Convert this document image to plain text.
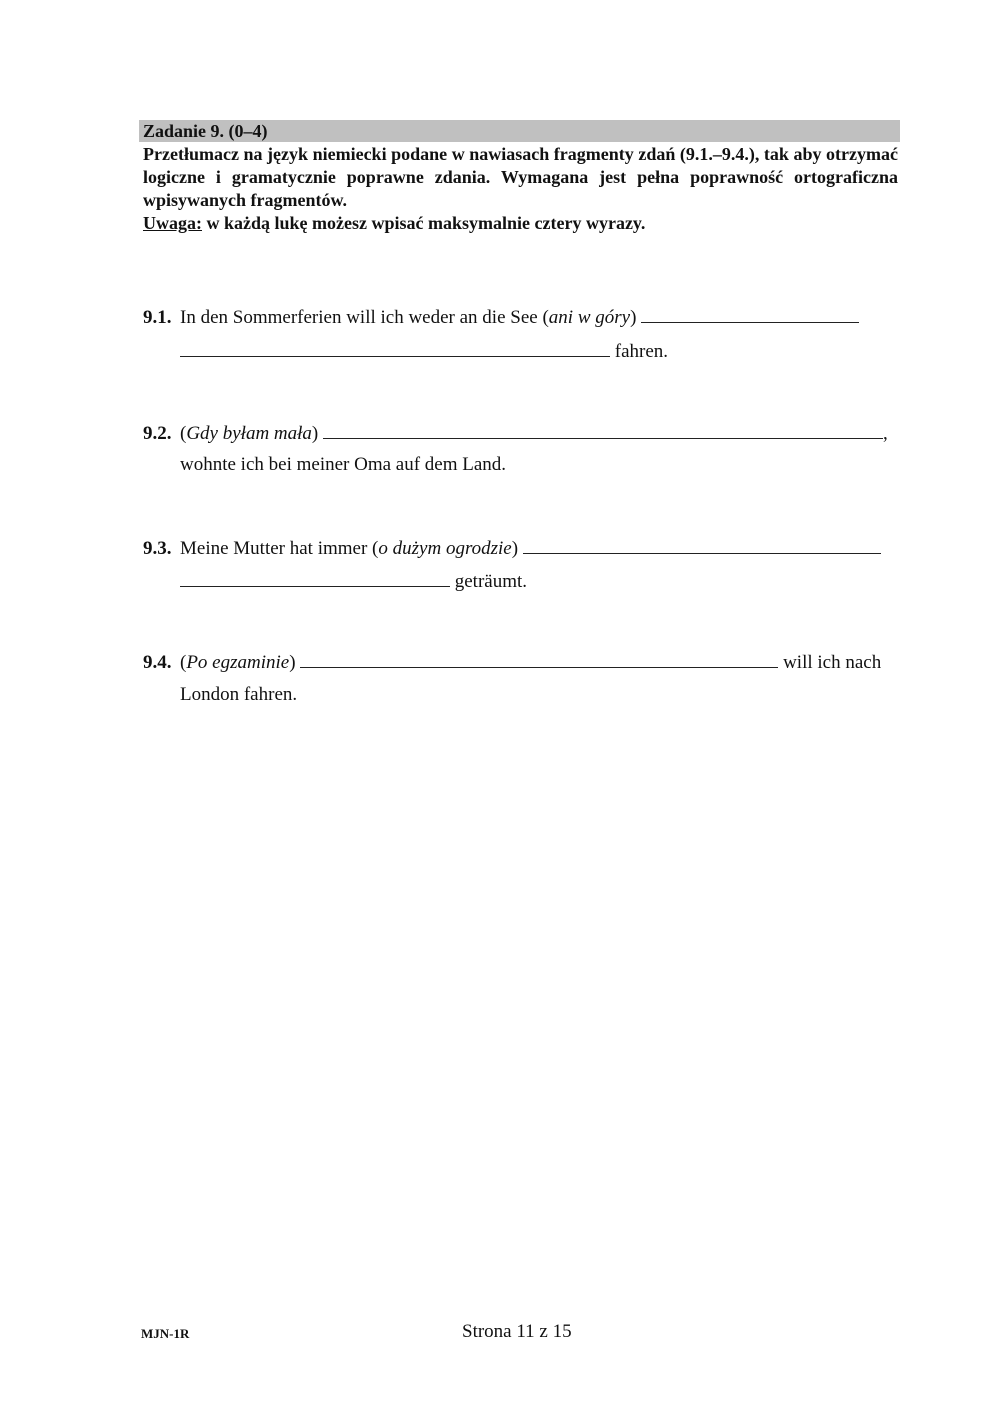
Zadanie 9. (0–4)
Przetłumacz na język niemiecki podane w nawiasach fragmenty zdań (9.1.–9.4.), tak aby otrzymać logiczne i gramatycznie poprawne zdania. Wymagana jest pełna poprawność ortograficzna wpisywanych fragmentów.
Uwaga: w każdą lukę możesz wpisać maksymalnie cztery wyrazy.
9.1. In den Sommerferien will ich weder an die See (ani w góry)
fahren.
9.2. (Gdy byłam mała)	,
wohnte ich bei meiner Oma auf dem Land.
9.3. Meine Mutter hat immer (o dużym ogrodzie)
geträumt.
9.4. (Po egzaminie)	will ich nach
London fahren.
MJN-1R	Strona 11 z 15
